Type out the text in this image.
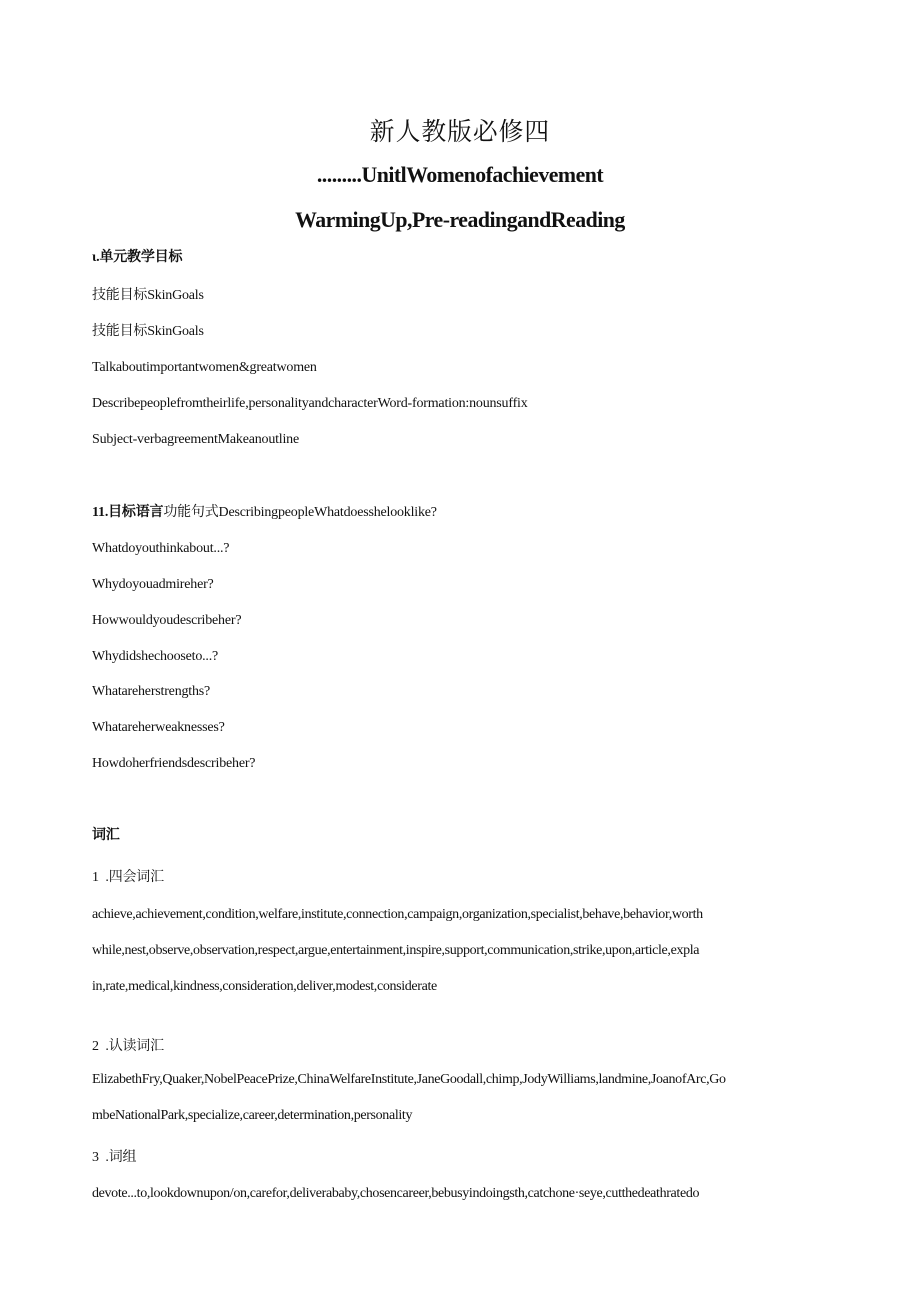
新人教版必修四

.........UnitlWomenofachievement

WarmingUp,Pre-readingandReading

ι.单元教学目标

技能目标SkinGoals

技能目标SkinGoals

Talkaboutimportantwomen&greatwomen

Describepeoplefromtheirlife,personalityandcharacterWord-formation:nounsuffix

Subject-verbagreementMakeanoutline

11.目标语言功能句式DescribingpeopleWhatdoesshelooklike?

Whatdoyouthinkabout...?

Whydoyouadmireher?

Howwouldyoudescribeher?

Whydidshechooseto...?

Whatareherstrengths?

Whatareherweaknesses?

Howdoherfriendsdescribeher?

词汇

1  .四会词汇

achieve,achievement,condition,welfare,institute,connection,campaign,organization,specialist,behave,behavior,worth

while,nest,observe,observation,respect,argue,entertainment,inspire,support,communication,strike,upon,article,expla

in,rate,medical,kindness,consideration,deliver,modest,considerate

2  .认读词汇

ElizabethFry,Quaker,NobelPeacePrize,ChinaWelfareInstitute,JaneGoodall,chimp,JodyWilliams,landmine,JoanofArc,Go

mbeNationalPark,specialize,career,determination,personality

3  .词组

devote...to,lookdownupon/on,carefor,deliverababy,chosencareer,bebusyindoingsth,catchone·seye,cutthedeathratedo
